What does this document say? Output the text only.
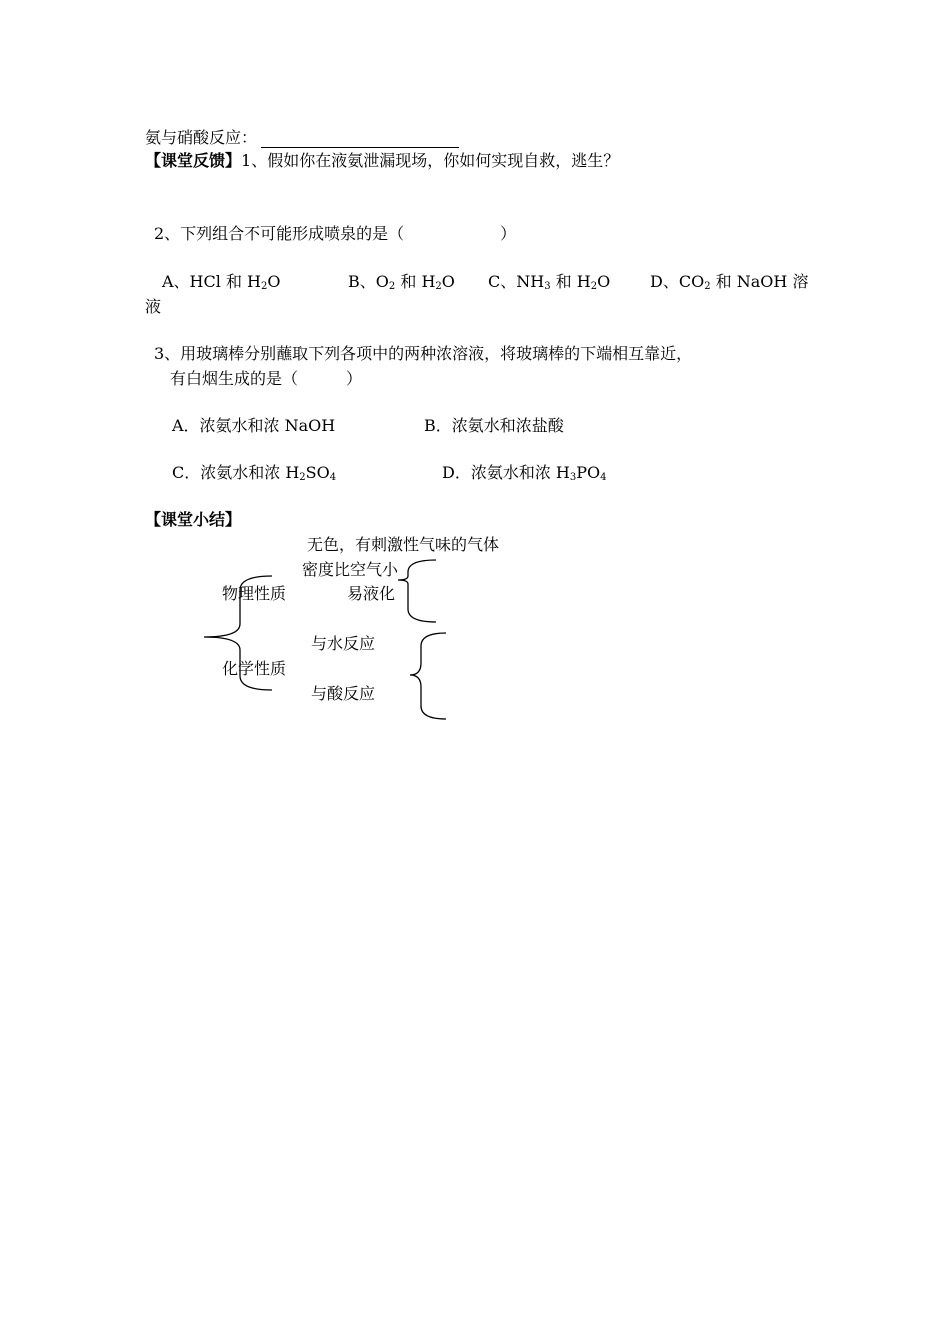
氨与硝酸反应：
【课堂反馈】1、假如你在液氨泄漏现场，你如何实现自救，逃生？
2、下列组合不可能形成喷泉的是（　　　　　　）
A、HCl 和 $H_2O$	B、$O_2$ 和 $H_2O$ C、$NH_3$ 和 $H_2O$ D、$CO_2$ 和 NaOH 溶
液
3、用玻璃棒分别蘸取下列各项中的两种浓溶液，将玻璃棒的下端相互靠近，
有白烟生成的是（　　　）
A．浓氨水和浓 NaOH	B．浓氨水和浓盐酸
C．浓氨水和浓 $H_2SO_4$	D．浓氨水和浓 $H_3PO_4$
【课堂小结】
无色，有刺激性气味的气体
密度比空气小
物理性质	易液化
与水反应
化学性质
与酸反应
